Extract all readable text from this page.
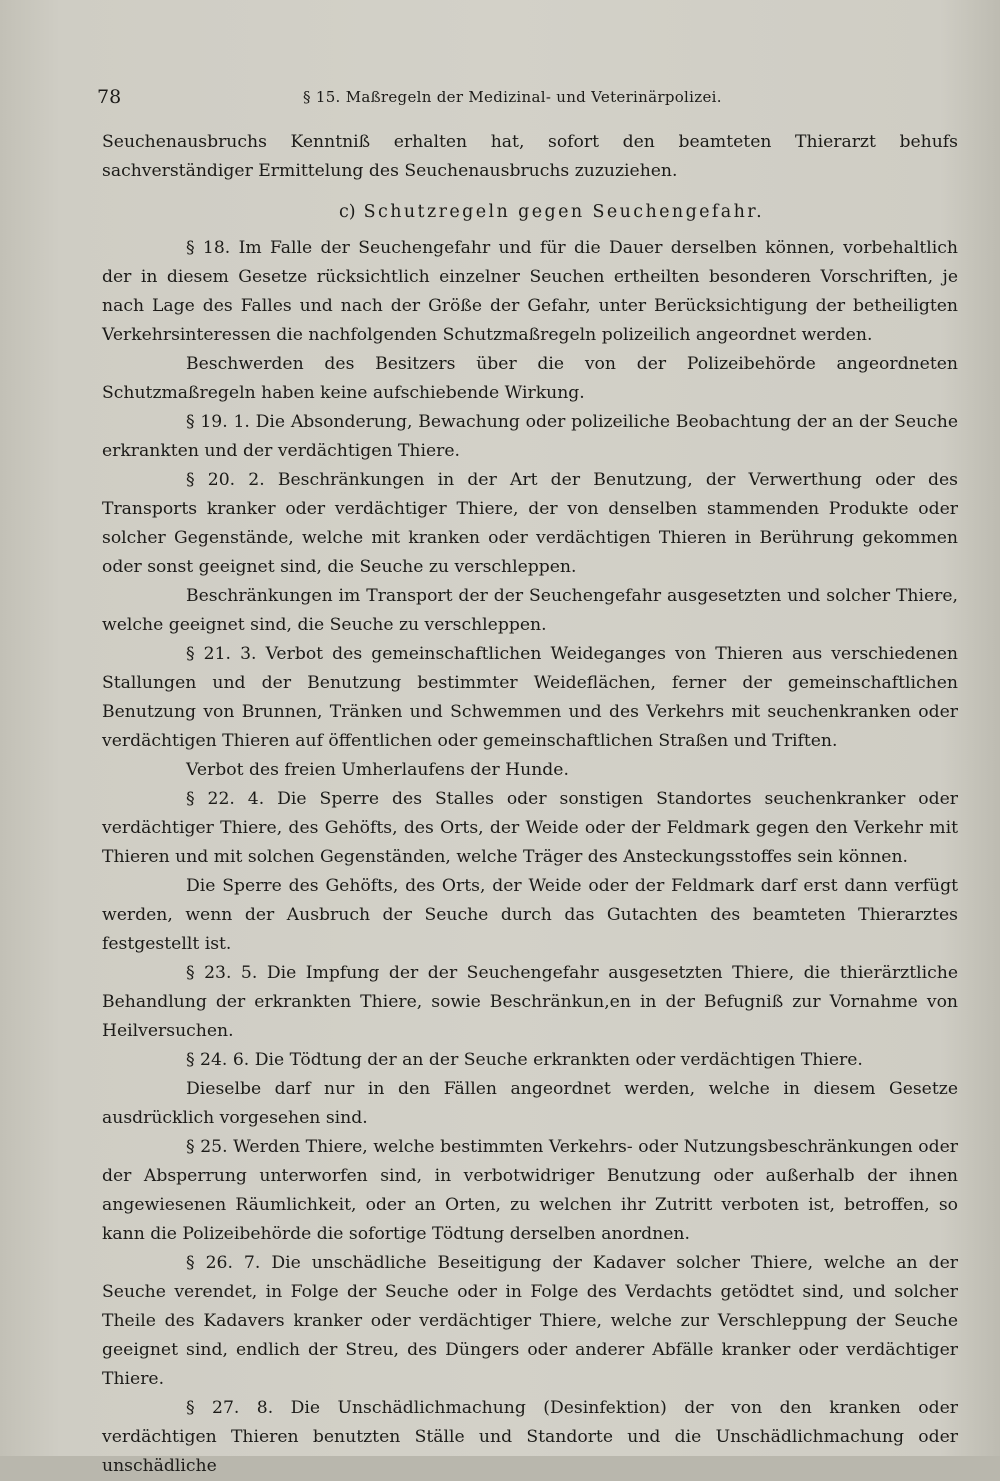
78	§ 15. Maßregeln der Medizinal- und Veterinärpolizei.

Seuchenausbruchs Kenntniß erhalten hat, sofort den beamteten Thierarzt behufs sachverständiger Ermittelung des Seuchenausbruchs zuzuziehen.

c) Schutzregeln gegen Seuchengefahr.

§ 18. Im Falle der Seuchengefahr und für die Dauer derselben können, vorbehaltlich der in diesem Gesetze rücksichtlich einzelner Seuchen ertheilten besonderen Vorschriften, je nach Lage des Falles und nach der Größe der Gefahr, unter Berücksichtigung der betheiligten Verkehrsinteressen die nachfolgenden Schutzmaßregeln polizeilich angeordnet werden.

Beschwerden des Besitzers über die von der Polizeibehörde angeordneten Schutzmaßregeln haben keine aufschiebende Wirkung.

§ 19. 1. Die Absonderung, Bewachung oder polizeiliche Beobachtung der an der Seuche erkrankten und der verdächtigen Thiere.

§ 20. 2. Beschränkungen in der Art der Benutzung, der Verwerthung oder des Transports kranker oder verdächtiger Thiere, der von denselben stammenden Produkte oder solcher Gegenstände, welche mit kranken oder verdächtigen Thieren in Berührung gekommen oder sonst geeignet sind, die Seuche zu verschleppen.

Beschränkungen im Transport der der Seuchengefahr ausgesetzten und solcher Thiere, welche geeignet sind, die Seuche zu verschleppen.

§ 21. 3. Verbot des gemeinschaftlichen Weideganges von Thieren aus verschiedenen Stallungen und der Benutzung bestimmter Weideflächen, ferner der gemeinschaftlichen Benutzung von Brunnen, Tränken und Schwemmen und des Verkehrs mit seuchenkranken oder verdächtigen Thieren auf öffentlichen oder gemeinschaftlichen Straßen und Triften.

Verbot des freien Umherlaufens der Hunde.

§ 22. 4. Die Sperre des Stalles oder sonstigen Standortes seuchenkranker oder verdächtiger Thiere, des Gehöfts, des Orts, der Weide oder der Feldmark gegen den Verkehr mit Thieren und mit solchen Gegenständen, welche Träger des Ansteckungsstoffes sein können.

Die Sperre des Gehöfts, des Orts, der Weide oder der Feldmark darf erst dann verfügt werden, wenn der Ausbruch der Seuche durch das Gutachten des beamteten Thierarztes festgestellt ist.

§ 23. 5. Die Impfung der der Seuchengefahr ausgesetzten Thiere, die thierärztliche Behandlung der erkrankten Thiere, sowie Beschränkun,en in der Befugniß zur Vornahme von Heilversuchen.

§ 24. 6. Die Tödtung der an der Seuche erkrankten oder verdächtigen Thiere.

Dieselbe darf nur in den Fällen angeordnet werden, welche in diesem Gesetze ausdrücklich vorgesehen sind.

§ 25. Werden Thiere, welche bestimmten Verkehrs- oder Nutzungsbeschränkungen oder der Absperrung unterworfen sind, in verbotwidriger Benutzung oder außerhalb der ihnen angewiesenen Räumlichkeit, oder an Orten, zu welchen ihr Zutritt verboten ist, betroffen, so kann die Polizeibehörde die sofortige Tödtung derselben anordnen.

§ 26. 7. Die unschädliche Beseitigung der Kadaver solcher Thiere, welche an der Seuche verendet, in Folge der Seuche oder in Folge des Verdachts getödtet sind, und solcher Theile des Kadavers kranker oder verdächtiger Thiere, welche zur Verschleppung der Seuche geeignet sind, endlich der Streu, des Düngers oder anderer Abfälle kranker oder verdächtiger Thiere.

§ 27. 8. Die Unschädlichmachung (Desinfektion) der von den kranken oder verdächtigen Thieren benutzten Ställe und Standorte und die Unschädlichmachung oder unschädliche
